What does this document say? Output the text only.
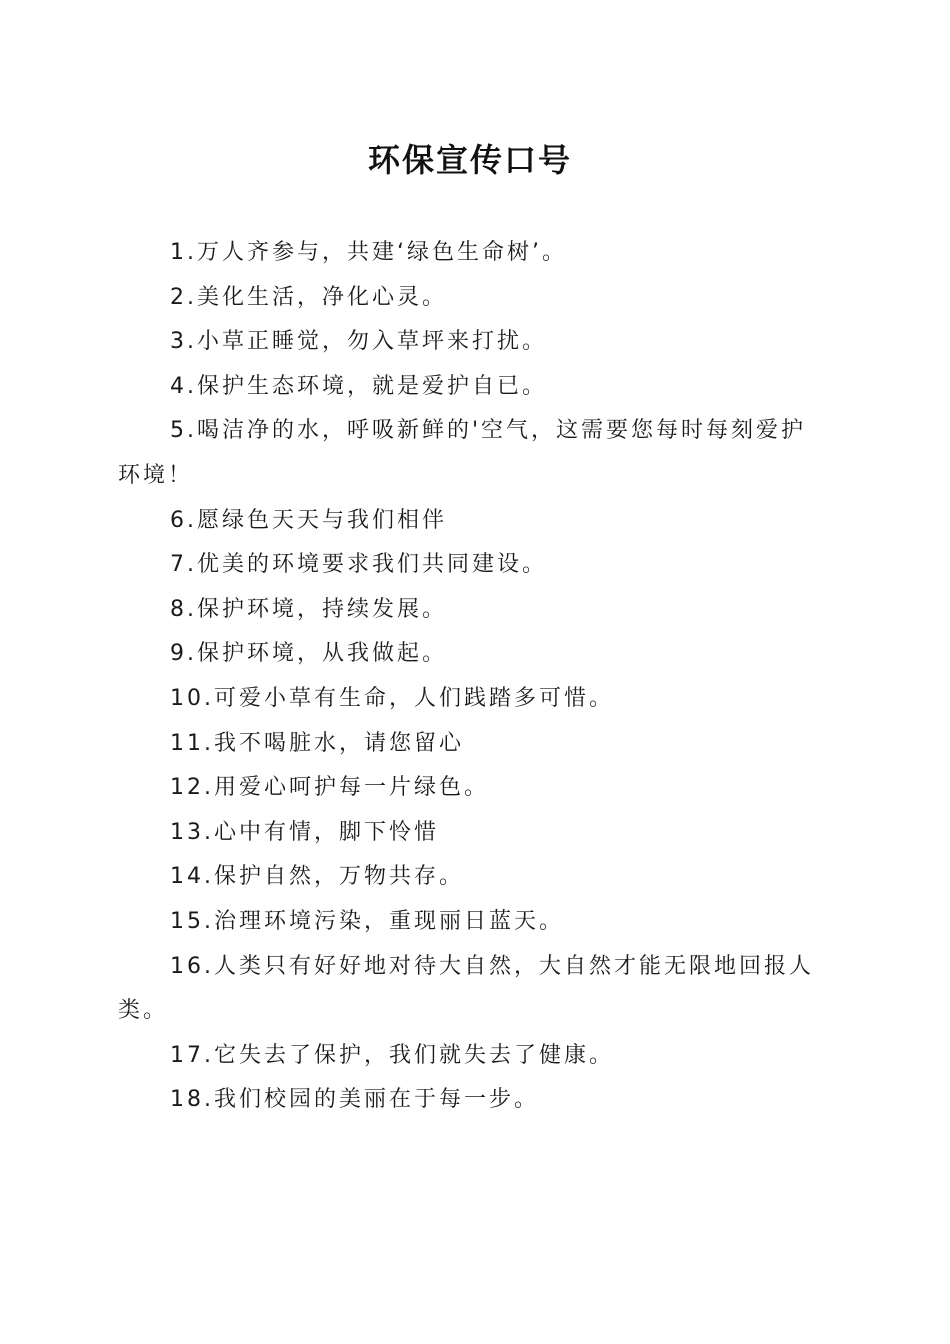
环保宣传口号
1.万人齐参与，共建‘绿色生命树’。
2.美化生活，净化心灵。
3.小草正睡觉，勿入草坪来打扰。
4.保护生态环境，就是爱护自已。
5.喝洁净的水，呼吸新鲜的'空气，这需要您每时每刻爱护环境！
6.愿绿色天天与我们相伴
7.优美的环境要求我们共同建设。
8.保护环境，持续发展。
9.保护环境，从我做起。
10.可爱小草有生命，人们践踏多可惜。
11.我不喝脏水，请您留心
12.用爱心呵护每一片绿色。
13.心中有情，脚下怜惜
14.保护自然，万物共存。
15.治理环境污染，重现丽日蓝天。
16.人类只有好好地对待大自然，大自然才能无限地回报人类。
17.它失去了保护，我们就失去了健康。
18.我们校园的美丽在于每一步。
